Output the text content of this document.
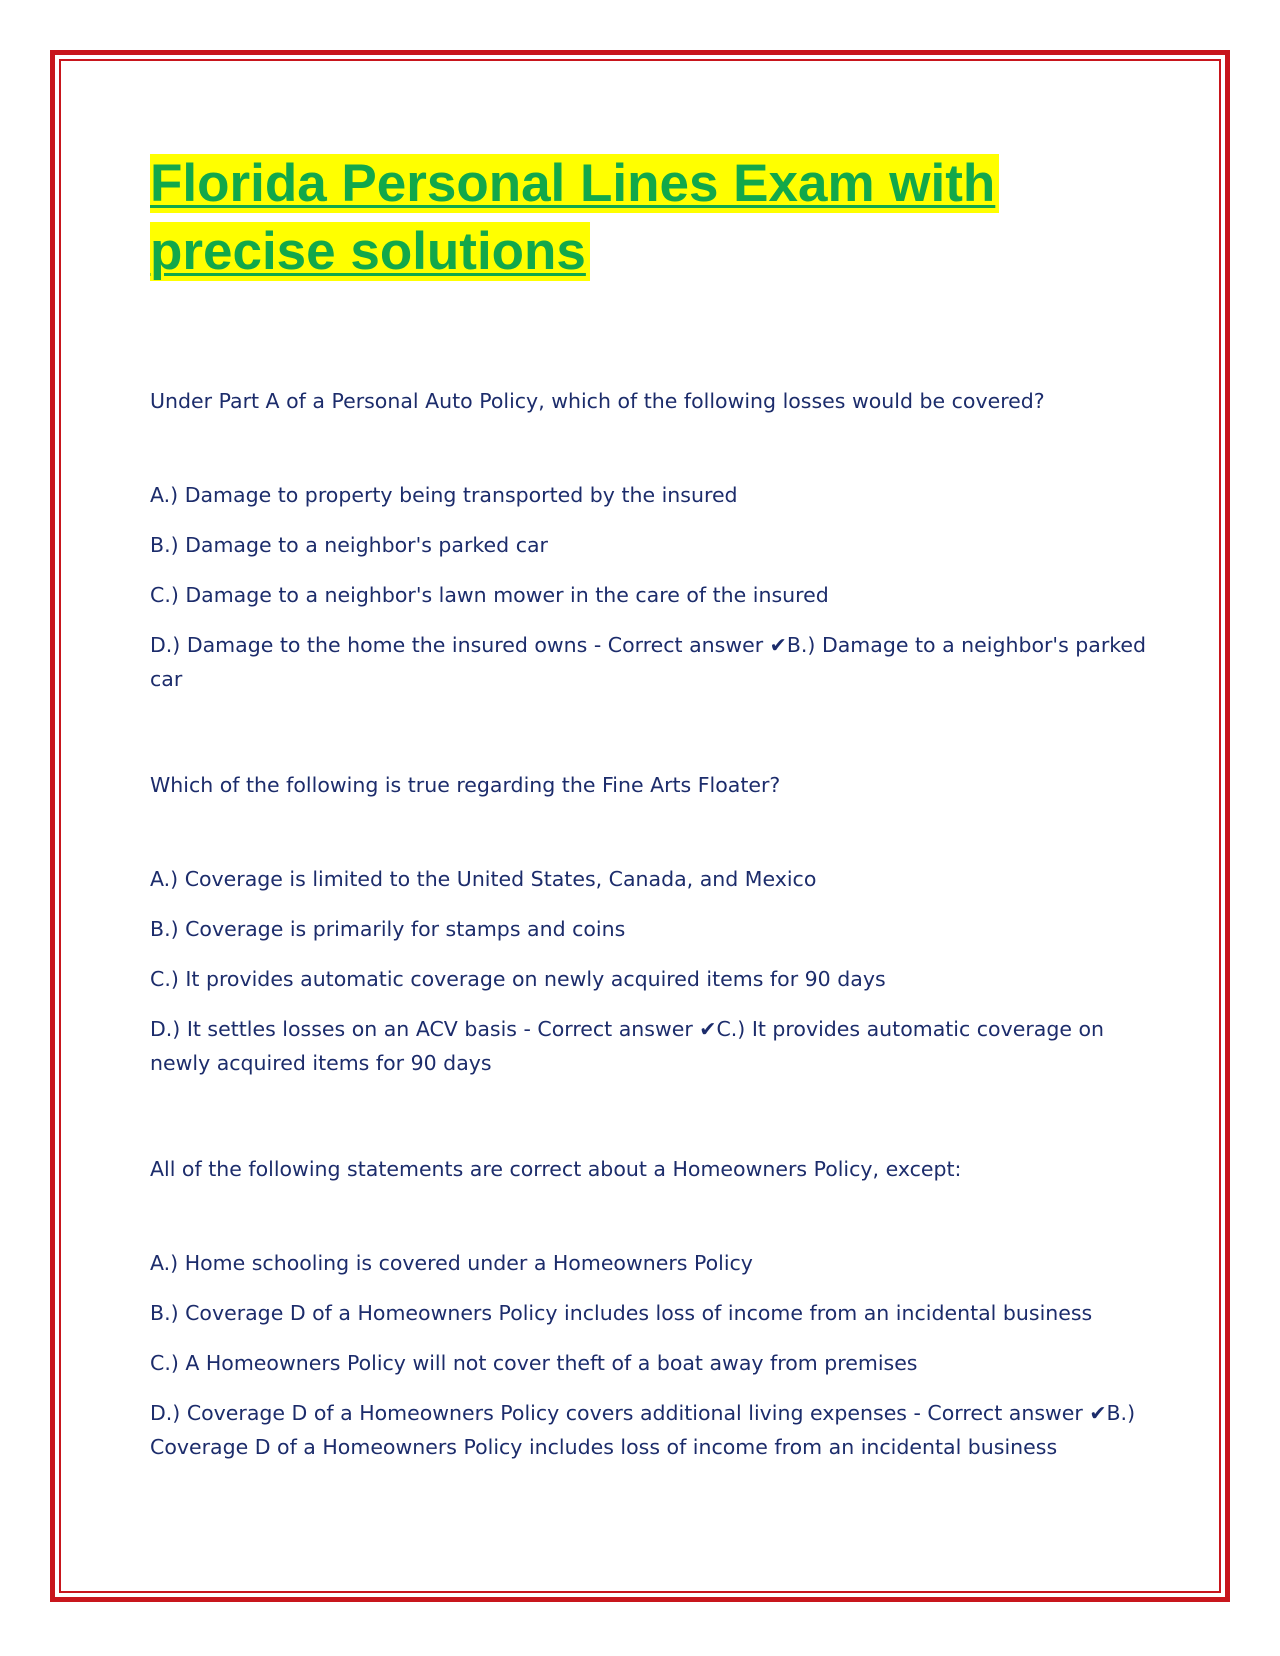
Florida Personal Lines Exam with
precise solutions

Under Part A of a Personal Auto Policy, which of the following losses would be covered?

A.) Damage to property being transported by the insured

B.) Damage to a neighbor's parked car

C.) Damage to a neighbor's lawn mower in the care of the insured

D.) Damage to the home the insured owns - Correct answer ✔B.) Damage to a neighbor's parked car

Which of the following is true regarding the Fine Arts Floater?

A.) Coverage is limited to the United States, Canada, and Mexico

B.) Coverage is primarily for stamps and coins

C.) It provides automatic coverage on newly acquired items for 90 days

D.) It settles losses on an ACV basis - Correct answer ✔C.) It provides automatic coverage on newly acquired items for 90 days

All of the following statements are correct about a Homeowners Policy, except:

A.) Home schooling is covered under a Homeowners Policy

B.) Coverage D of a Homeowners Policy includes loss of income from an incidental business

C.) A Homeowners Policy will not cover theft of a boat away from premises

D.) Coverage D of a Homeowners Policy covers additional living expenses - Correct answer ✔B.) Coverage D of a Homeowners Policy includes loss of income from an incidental business
